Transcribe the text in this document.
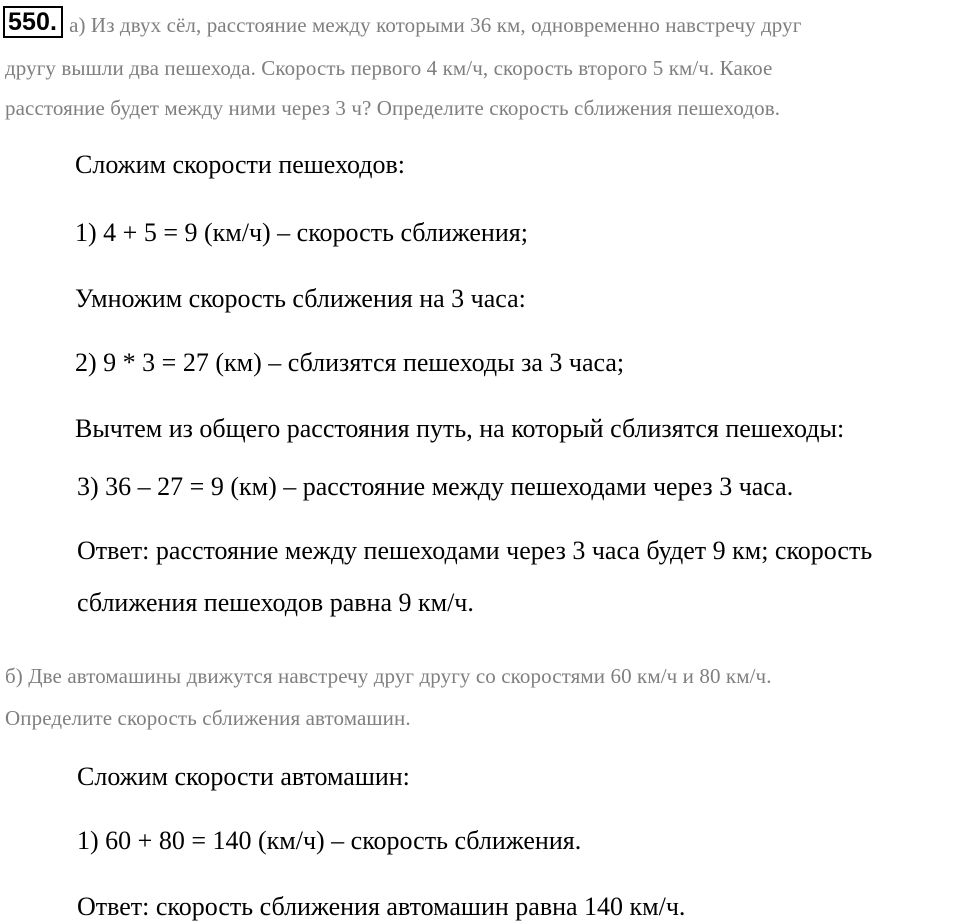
550. а) Из двух сёл, расстояние между которыми 36 км, одновременно навстречу друг
другу вышли два пешехода. Скорость первого 4 км/ч, скорость второго 5 км/ч. Какое
расстояние будет между ними через 3 ч? Определите скорость сближения пешеходов.
Сложим скорости пешеходов:
1) 4 + 5 = 9 (км/ч) – скорость сближения;
Умножим скорость сближения на 3 часа:
2) 9 * 3 = 27 (км) – сблизятся пешеходы за 3 часа;
Вычтем из общего расстояния путь, на который сблизятся пешеходы:
3) 36 – 27 = 9 (км) – расстояние между пешеходами через 3 часа.
Ответ: расстояние между пешеходами через 3 часа будет 9 км; скорость
сближения пешеходов равна 9 км/ч.
б) Две автомашины движутся навстречу друг другу со скоростями 60 км/ч и 80 км/ч.
Определите скорость сближения автомашин.
Сложим скорости автомашин:
1) 60 + 80 = 140 (км/ч) – скорость сближения.
Ответ: скорость сближения автомашин равна 140 км/ч.
